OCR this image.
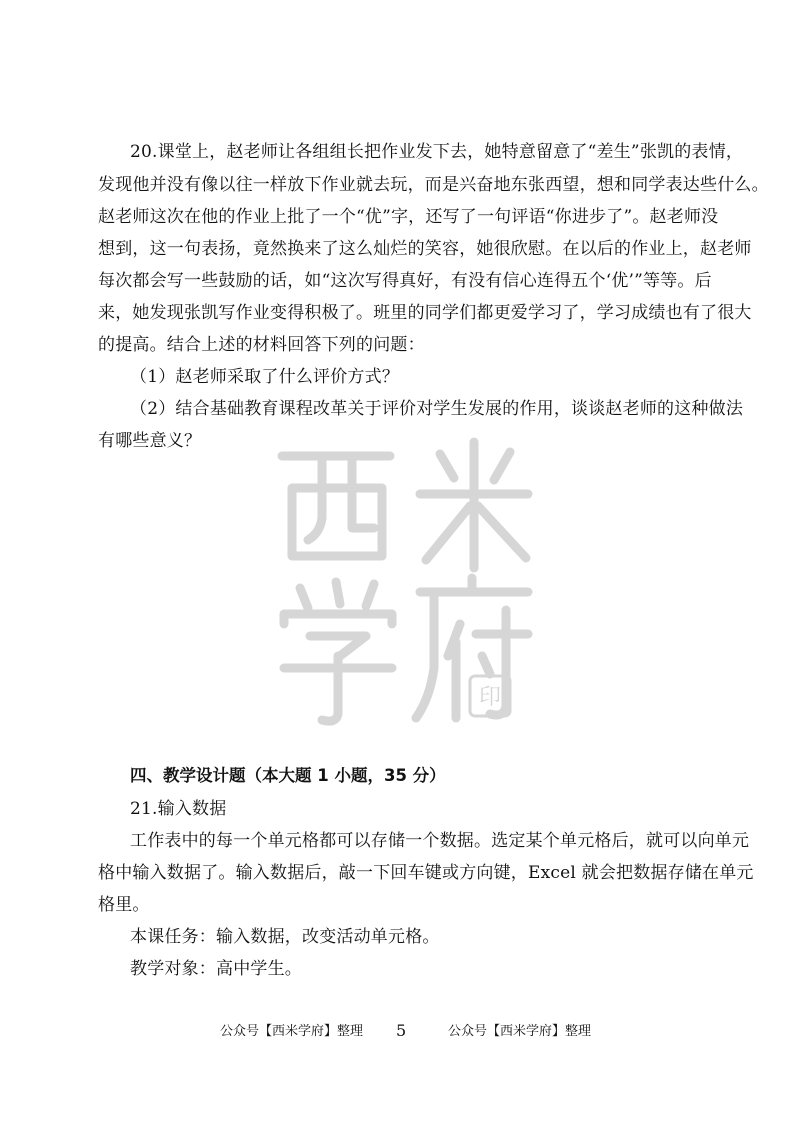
印
20.课堂上，赵老师让各组组长把作业发下去，她特意留意了“差生”张凯的表情，
发现他并没有像以往一样放下作业就去玩，而是兴奋地东张西望，想和同学表达些什么。
赵老师这次在他的作业上批了一个“优”字，还写了一句评语“你进步了”。赵老师没
想到，这一句表扬，竟然换来了这么灿烂的笑容，她很欣慰。在以后的作业上，赵老师
每次都会写一些鼓励的话，如“这次写得真好，有没有信心连得五个‘优’”等等。后
来，她发现张凯写作业变得积极了。班里的同学们都更爱学习了，学习成绩也有了很大
的提高。结合上述的材料回答下列的问题：
（1）赵老师采取了什么评价方式？
（2）结合基础教育课程改革关于评价对学生发展的作用，谈谈赵老师的这种做法
有哪些意义？
四、教学设计题（本大题 1 小题，35 分）
21.输入数据
工作表中的每一个单元格都可以存储一个数据。选定某个单元格后，就可以向单元
格中输入数据了。输入数据后，敲一下回车键或方向键，Excel 就会把数据存储在单元
格里。
本课任务：输入数据，改变活动单元格。
教学对象：高中学生。
公众号【西米学府】整理 5	公众号【西米学府】整理
